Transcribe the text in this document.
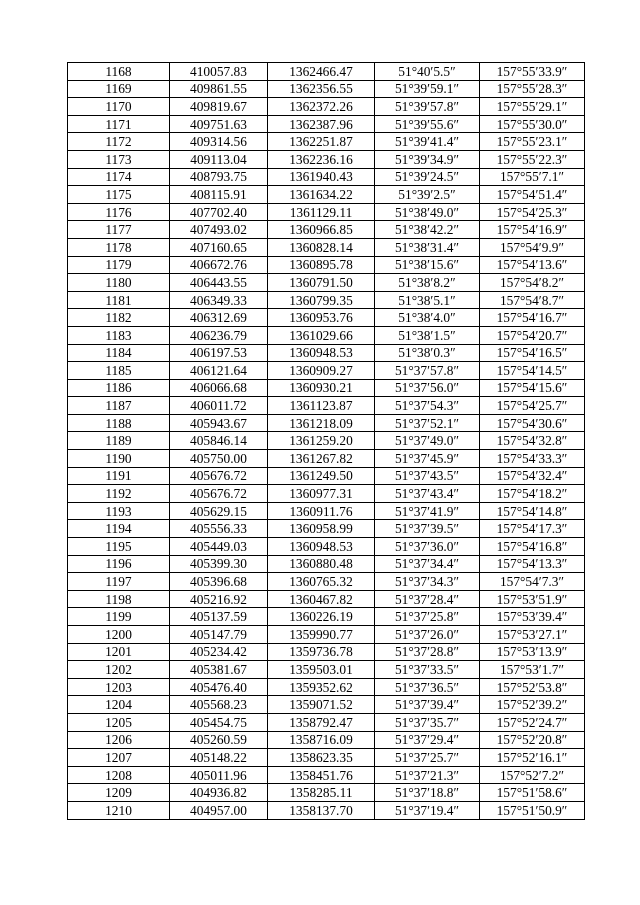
1168	410057.83	1362466.47	51°40′5.5″	157°55′33.9″
1169	409861.55	1362356.55	51°39′59.1″	157°55′28.3″
1170	409819.67	1362372.26	51°39′57.8″	157°55′29.1″
1171	409751.63	1362387.96	51°39′55.6″	157°55′30.0″
1172	409314.56	1362251.87	51°39′41.4″	157°55′23.1″
1173	409113.04	1362236.16	51°39′34.9″	157°55′22.3″
1174	408793.75	1361940.43	51°39′24.5″	157°55′7.1″
1175	408115.91	1361634.22	51°39′2.5″	157°54′51.4″
1176	407702.40	1361129.11	51°38′49.0″	157°54′25.3″
1177	407493.02	1360966.85	51°38′42.2″	157°54′16.9″
1178	407160.65	1360828.14	51°38′31.4″	157°54′9.9″
1179	406672.76	1360895.78	51°38′15.6″	157°54′13.6″
1180	406443.55	1360791.50	51°38′8.2″	157°54′8.2″
1181	406349.33	1360799.35	51°38′5.1″	157°54′8.7″
1182	406312.69	1360953.76	51°38′4.0″	157°54′16.7″
1183	406236.79	1361029.66	51°38′1.5″	157°54′20.7″
1184	406197.53	1360948.53	51°38′0.3″	157°54′16.5″
1185	406121.64	1360909.27	51°37′57.8″	157°54′14.5″
1186	406066.68	1360930.21	51°37′56.0″	157°54′15.6″
1187	406011.72	1361123.87	51°37′54.3″	157°54′25.7″
1188	405943.67	1361218.09	51°37′52.1″	157°54′30.6″
1189	405846.14	1361259.20	51°37′49.0″	157°54′32.8″
1190	405750.00	1361267.82	51°37′45.9″	157°54′33.3″
1191	405676.72	1361249.50	51°37′43.5″	157°54′32.4″
1192	405676.72	1360977.31	51°37′43.4″	157°54′18.2″
1193	405629.15	1360911.76	51°37′41.9″	157°54′14.8″
1194	405556.33	1360958.99	51°37′39.5″	157°54′17.3″
1195	405449.03	1360948.53	51°37′36.0″	157°54′16.8″
1196	405399.30	1360880.48	51°37′34.4″	157°54′13.3″
1197	405396.68	1360765.32	51°37′34.3″	157°54′7.3″
1198	405216.92	1360467.82	51°37′28.4″	157°53′51.9″
1199	405137.59	1360226.19	51°37′25.8″	157°53′39.4″
1200	405147.79	1359990.77	51°37′26.0″	157°53′27.1″
1201	405234.42	1359736.78	51°37′28.8″	157°53′13.9″
1202	405381.67	1359503.01	51°37′33.5″	157°53′1.7″
1203	405476.40	1359352.62	51°37′36.5″	157°52′53.8″
1204	405568.23	1359071.52	51°37′39.4″	157°52′39.2″
1205	405454.75	1358792.47	51°37′35.7″	157°52′24.7″
1206	405260.59	1358716.09	51°37′29.4″	157°52′20.8″
1207	405148.22	1358623.35	51°37′25.7″	157°52′16.1″
1208	405011.96	1358451.76	51°37′21.3″	157°52′7.2″
1209	404936.82	1358285.11	51°37′18.8″	157°51′58.6″
1210	404957.00	1358137.70	51°37′19.4″	157°51′50.9″
